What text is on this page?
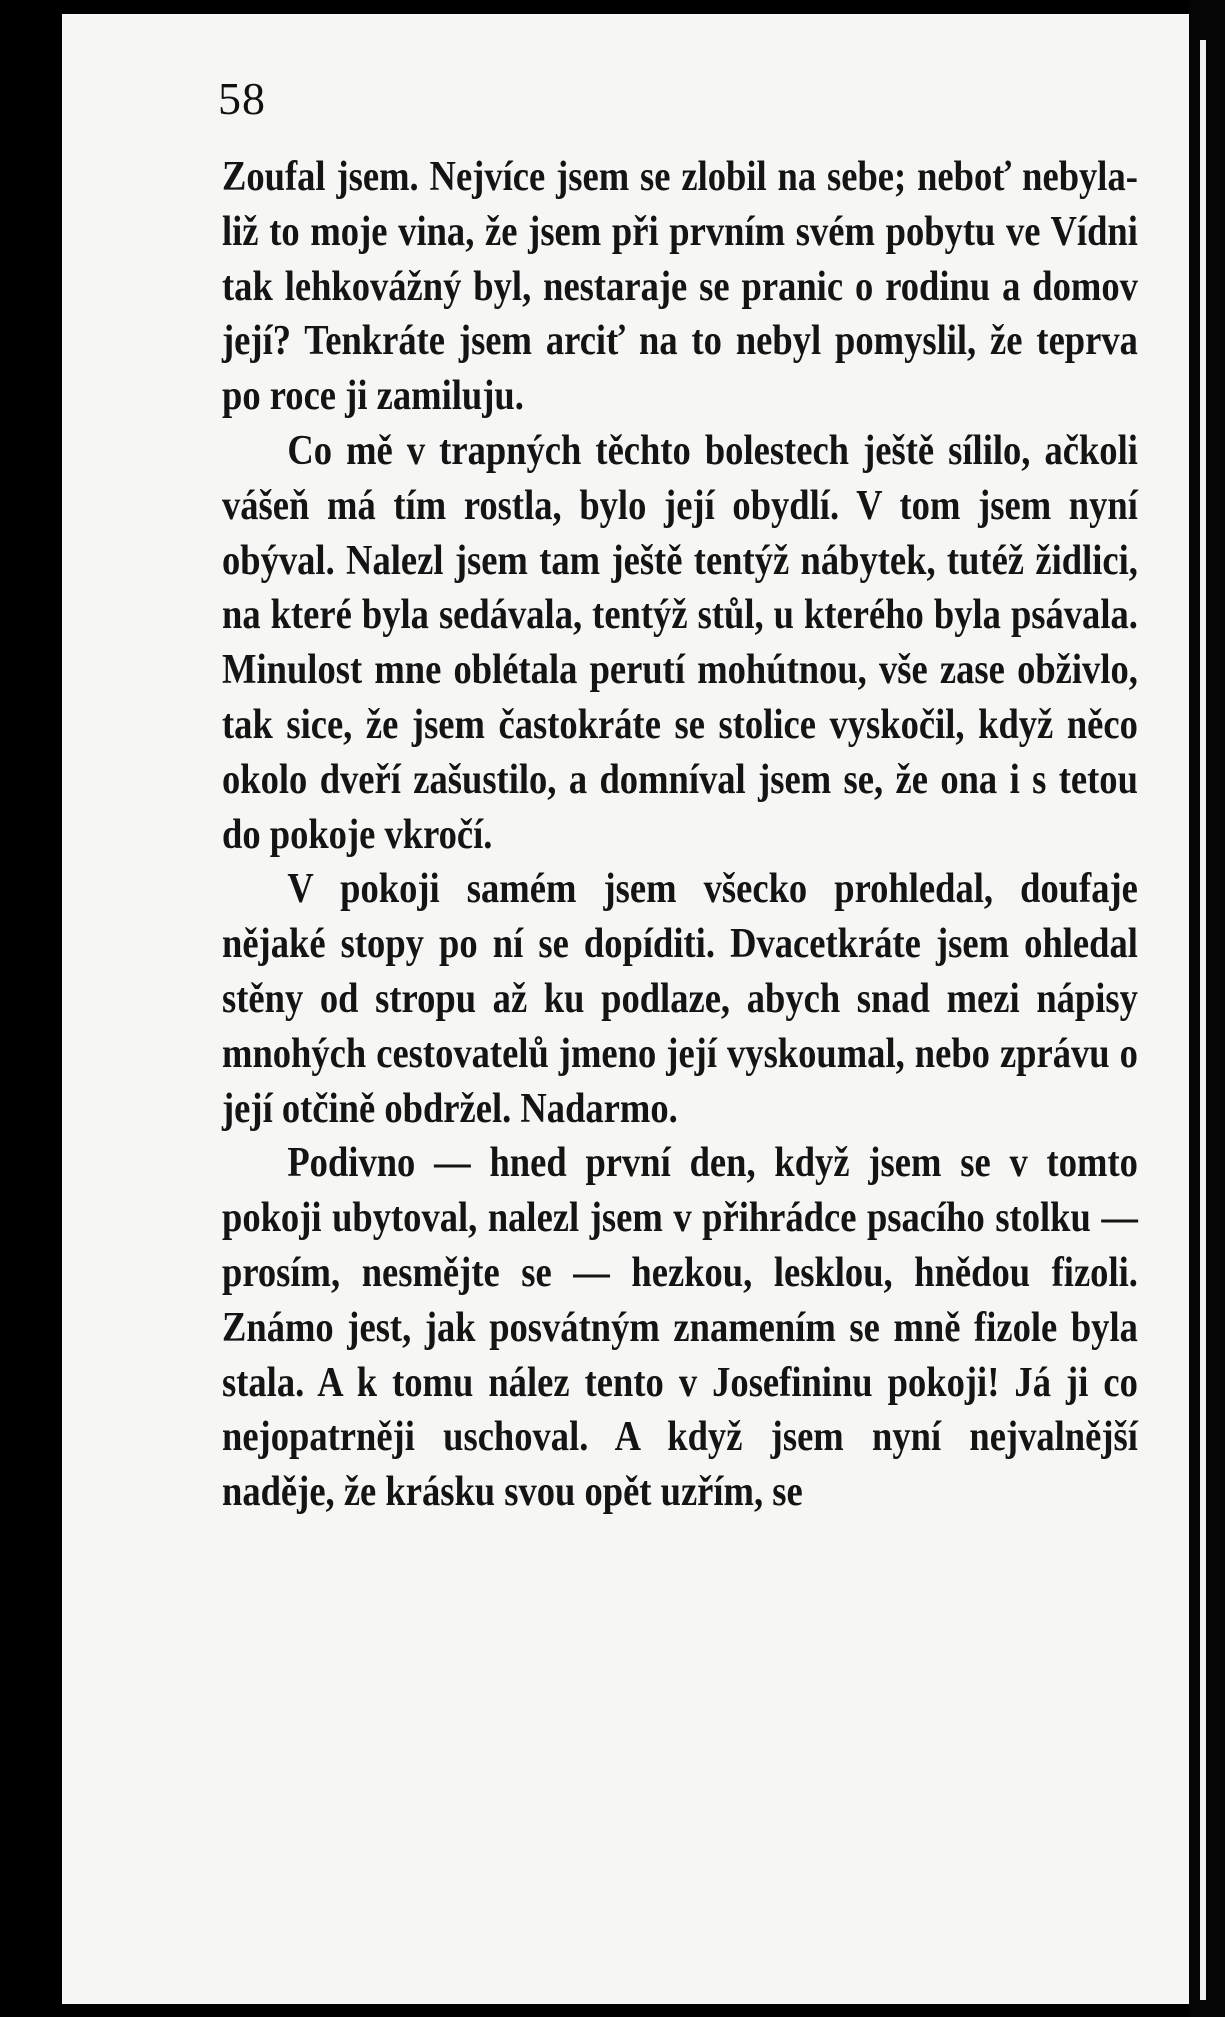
58

Zoufal jsem. Nejvíce jsem se zlobil na sebe; neboť nebyla-liž to moje vina, že jsem při prvním svém pobytu ve Vídni tak lehkovážný byl, nestaraje se pranic o rodinu a domov její? Tenkráte jsem arciť na to nebyl pomyslil, že teprva po roce ji zamiluju.

Co mě v trapných těchto bolestech ještě sílilo, ačkoli vášeň má tím rostla, bylo její obydlí. V tom jsem nyní obýval. Nalezl jsem tam ještě tentýž nábytek, tutéž židlici, na které byla sedávala, tentýž stůl, u kterého byla psávala. Minulost mne oblétala perutí mohútnou, vše zase obživlo, tak sice, že jsem častokráte se stolice vyskočil, když něco okolo dveří zašustilo, a domníval jsem se, že ona i s tetou do pokoje vkročí.

V pokoji samém jsem všecko prohledal, doufaje nějaké stopy po ní se dopíditi. Dvacetkráte jsem ohledal stěny od stropu až ku podlaze, abych snad mezi nápisy mnohých cestovatelů jmeno její vyskoumal, nebo zprávu o její otčině obdržel. Nadarmo.

Podivno — hned první den, když jsem se v tomto pokoji ubytoval, nalezl jsem v přihrádce psacího stolku — prosím, nesmějte se — hezkou, lesklou, hnědou fizoli. Známo jest, jak posvátným znamením se mně fizole byla stala. A k tomu nález tento v Josefininu pokoji! Já ji co nejopatrněji uschoval. A když jsem nyní nejvalnější naděje, že krásku svou opět uzřím, se
